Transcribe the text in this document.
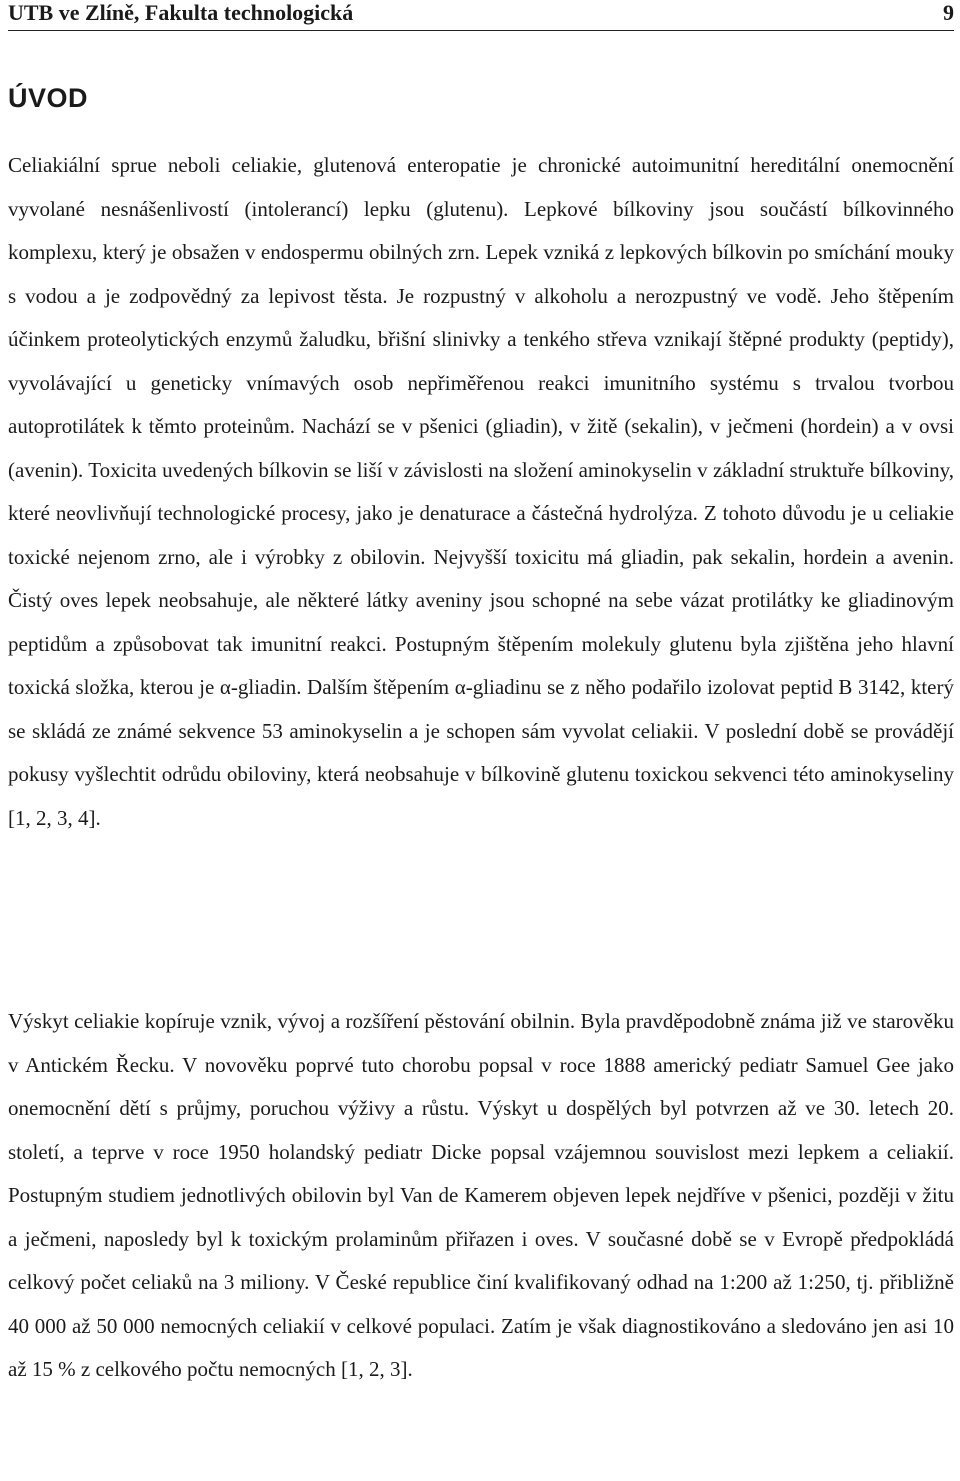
UTB ve Zlíně, Fakulta technologická	9
ÚVOD

Celiakiální sprue neboli celiakie, glutenová enteropatie je chronické autoimunitní hereditální onemocnění vyvolané nesnášenlivostí (intolerancí) lepku (glutenu). Lepkové bílkoviny jsou součástí bílkovinného komplexu, který je obsažen v endospermu obilných zrn. Lepek vzniká z lepkových bílkovin po smíchání mouky s vodou a je zodpovědný za lepivost těsta. Je rozpustný v alkoholu a nerozpustný ve vodě. Jeho štěpením účinkem proteolytických enzymů žaludku, břišní slinivky a tenkého střeva vznikají štěpné produkty (peptidy), vyvolávající u geneticky vnímavých osob nepřiměřenou reakci imunitního systému s trvalou tvorbou autoprotilátek k těmto proteinům. Nachází se v pšenici (gliadin), v žitě (sekalin), v ječmeni (hordein) a v ovsi (avenin). Toxicita uvedených bílkovin se liší v závislosti na složení aminokyselin v základní struktuře bílkoviny, které neovlivňují technologické procesy, jako je denaturace a částečná hydrolýza. Z tohoto důvodu je u celiakie toxické nejenom zrno, ale i výrobky z obilovin. Nejvyšší toxicitu má gliadin, pak sekalin, hordein a avenin. Čistý oves lepek neobsahuje, ale některé látky aveniny jsou schopné na sebe vázat protilátky ke gliadinovým peptidům a způsobovat tak imunitní reakci. Postupným štěpením molekuly glutenu byla zjištěna jeho hlavní toxická složka, kterou je α-gliadin. Dalším štěpením α-gliadinu se z něho podařilo izolovat peptid B 3142, který se skládá ze známé sekvence 53 aminokyselin a je schopen sám vyvolat celiakii. V poslední době se provádějí pokusy vyšlechtit odrůdu obiloviny, která neobsahuje v bílkovině glutenu toxickou sekvenci této aminokyseliny [1, 2, 3, 4].

Výskyt celiakie kopíruje vznik, vývoj a rozšíření pěstování obilnin. Byla pravděpodobně známa již ve starověku v Antickém Řecku. V novověku poprvé tuto chorobu popsal v roce 1888 americký pediatr Samuel Gee jako onemocnění dětí s průjmy, poruchou výživy a růstu. Výskyt u dospělých byl potvrzen až ve 30. letech 20. století, a teprve v roce 1950 holandský pediatr Dicke popsal vzájemnou souvislost mezi lepkem a celiakií. Postupným studiem jednotlivých obilovin byl Van de Kamerem objeven lepek nejdříve v pšenici, později v žitu a ječmeni, naposledy byl k toxickým prolaminům přiřazen i oves. V současné době se v Evropě předpokládá celkový počet celiaků na 3 miliony. V České republice činí kvalifikovaný odhad na 1:200 až 1:250, tj. přibližně 40 000 až 50 000 nemocných celiakií v celkové populaci. Zatím je však diagnostikováno a sledováno jen asi 10 až 15 % z celkového počtu nemocných [1, 2, 3].
